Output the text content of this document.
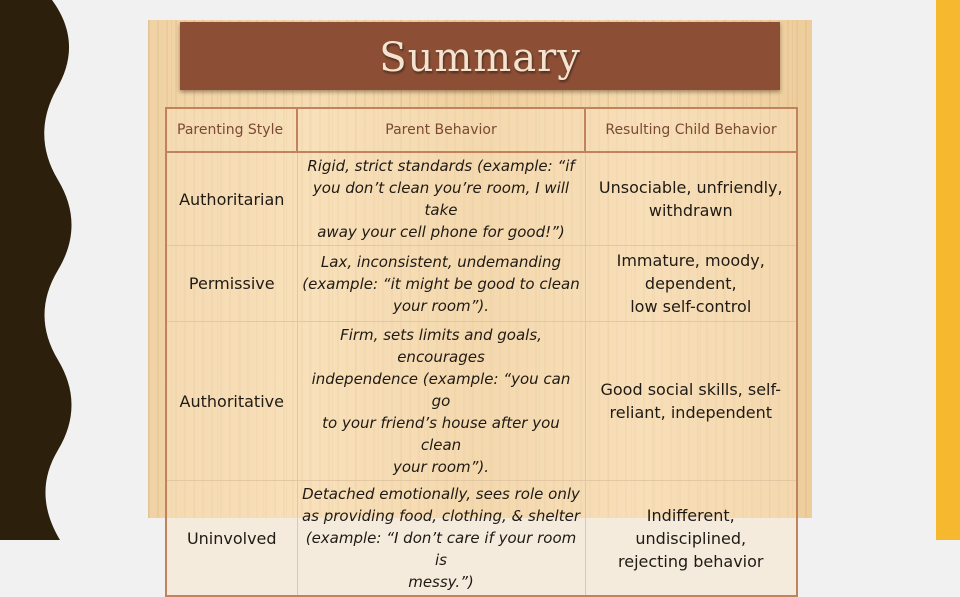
Summary
Parenting Style	Parent Behavior	Resulting Child Behavior
Authoritarian	Rigid, strict standards (example: “if
you don’t clean you’re room, I will take
away your cell phone for good!”)	Unsociable, unfriendly,
withdrawn

Permissive	Lax, inconsistent, undemanding
(example: “it might be good to clean
your room”).	Immature, moody,
dependent,
low self-control

Authoritative	Firm, sets limits and goals, encourages
independence (example: “you can go
to your friend’s house after you clean
your room”).	Good social skills, self-
reliant, independent

Uninvolved	Detached emotionally, sees role only
as providing food, clothing, & shelter
(example: “I don’t care if your room is
messy.”)	Indifferent, undisciplined,
rejecting behavior
